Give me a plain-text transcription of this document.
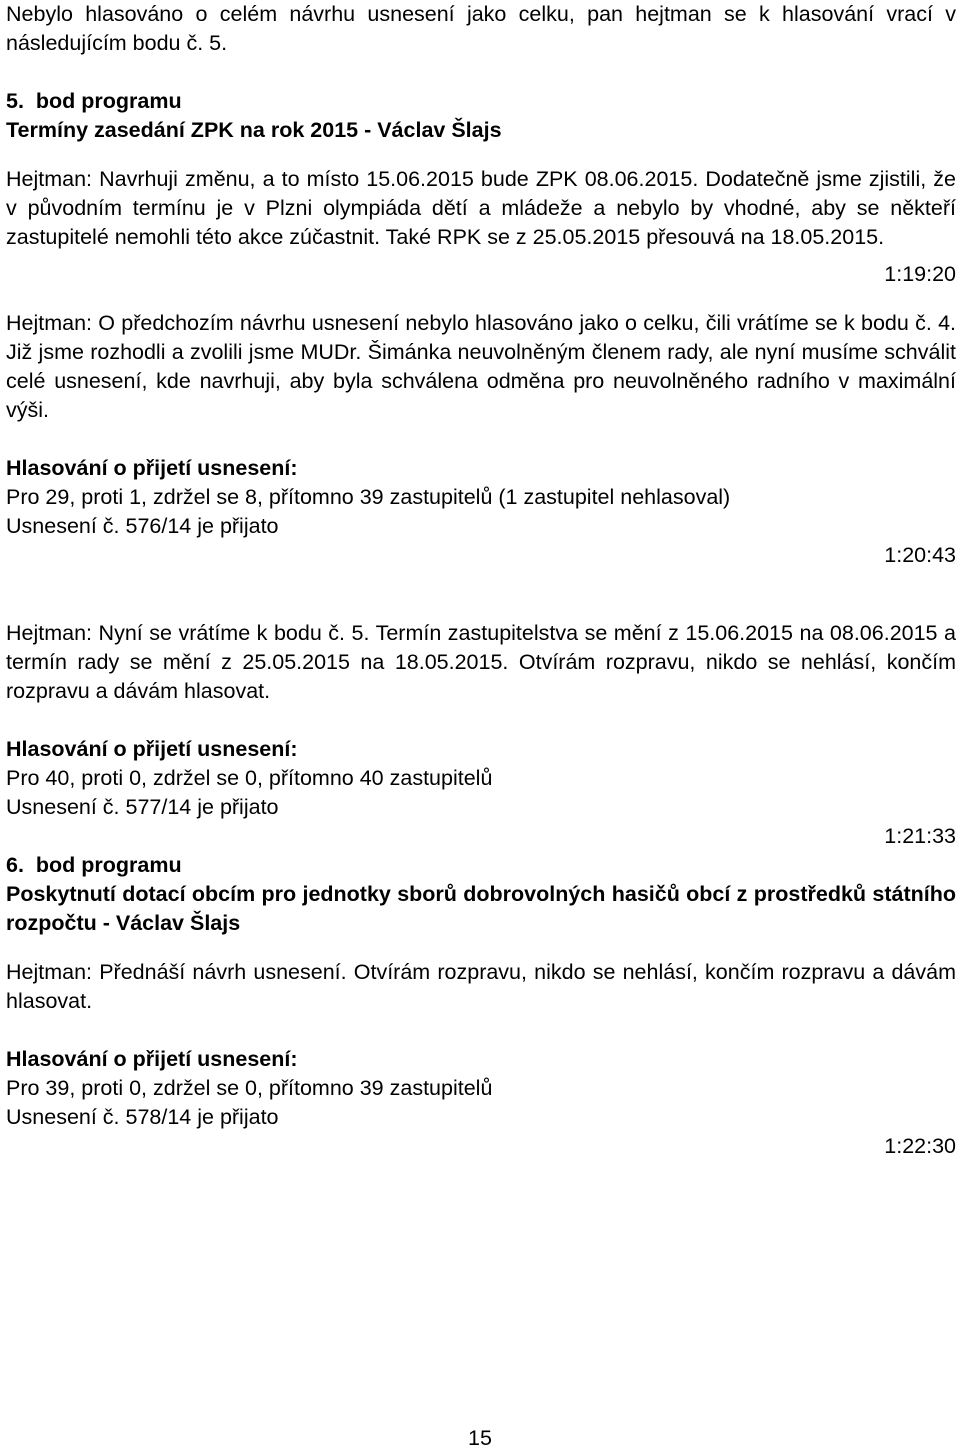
Nebylo hlasováno o celém návrhu usnesení jako celku, pan hejtman se k hlasování vrací v následujícím bodu č. 5.

5.  bod programu

Termíny zasedání ZPK na rok 2015 - Václav Šlajs

Hejtman: Navrhuji změnu, a to místo 15.06.2015 bude ZPK 08.06.2015. Dodatečně jsme zjistili, že v původním termínu je v Plzni olympiáda dětí a mládeže a nebylo by vhodné, aby se někteří zastupitelé nemohli této akce zúčastnit. Také RPK se z 25.05.2015 přesouvá na 18.05.2015.

1:19:20

Hejtman: O předchozím návrhu usnesení nebylo hlasováno jako o celku, čili vrátíme se k bodu č. 4. Již jsme rozhodli a zvolili jsme MUDr. Šimánka neuvolněným členem rady, ale nyní musíme schválit celé usnesení, kde navrhuji, aby byla schválena odměna pro neuvolněného radního v maximální výši.

Hlasování o přijetí usnesení:

Pro 29, proti 1, zdržel se 8, přítomno 39 zastupitelů (1 zastupitel nehlasoval)

Usnesení č. 576/14 je přijato

1:20:43

Hejtman: Nyní se vrátíme k bodu č. 5. Termín zastupitelstva se mění z 15.06.2015 na 08.06.2015 a termín rady se mění z 25.05.2015 na 18.05.2015. Otvírám rozpravu, nikdo se nehlásí, končím rozpravu a dávám hlasovat.

Hlasování o přijetí usnesení:

Pro 40, proti 0, zdržel se 0, přítomno 40 zastupitelů

Usnesení č. 577/14 je přijato

1:21:33

6.  bod programu

Poskytnutí dotací obcím pro jednotky sborů dobrovolných hasičů obcí z prostředků státního rozpočtu - Václav Šlajs

Hejtman: Přednáší návrh usnesení. Otvírám rozpravu, nikdo se nehlásí, končím rozpravu a dávám hlasovat.

Hlasování o přijetí usnesení:

Pro 39, proti 0, zdržel se 0, přítomno 39 zastupitelů

Usnesení č. 578/14 je přijato

1:22:30

15
